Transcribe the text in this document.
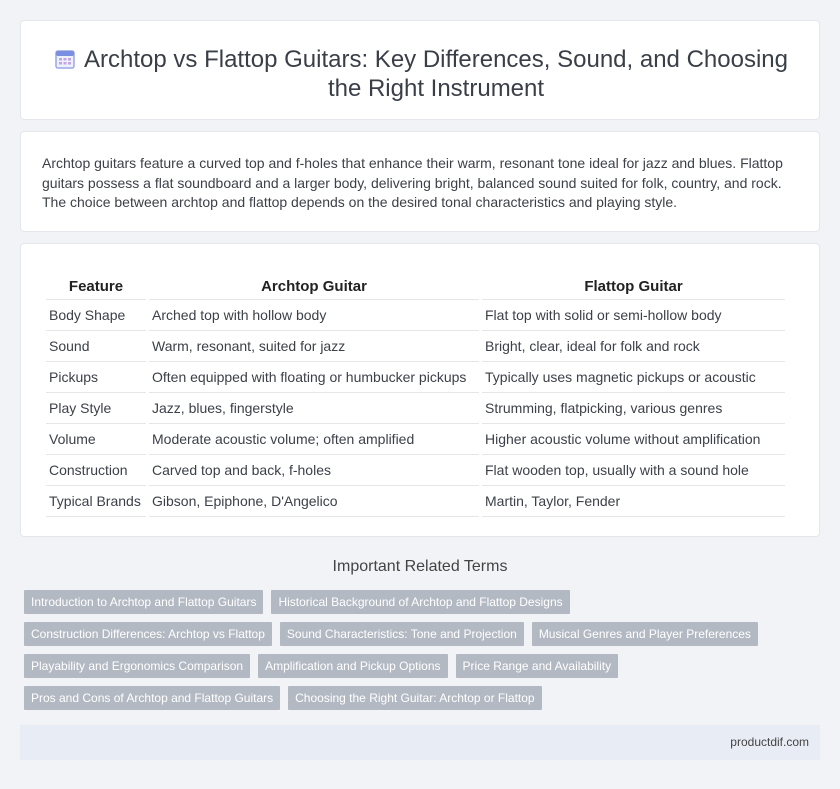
Archtop vs Flattop Guitars: Key Differences, Sound, and Choosing the Right Instrument

Archtop guitars feature a curved top and f-holes that enhance their warm, resonant tone ideal for jazz and blues. Flattop guitars possess a flat soundboard and a larger body, delivering bright, balanced sound suited for folk, country, and rock. The choice between archtop and flattop depends on the desired tonal characteristics and playing style.

Feature	Archtop Guitar	Flattop Guitar
Body Shape	Arched top with hollow body	Flat top with solid or semi-hollow body
Sound	Warm, resonant, suited for jazz	Bright, clear, ideal for folk and rock
Pickups	Often equipped with floating or humbucker pickups	Typically uses magnetic pickups or acoustic
Play Style	Jazz, blues, fingerstyle	Strumming, flatpicking, various genres
Volume	Moderate acoustic volume; often amplified	Higher acoustic volume without amplification
Construction	Carved top and back, f-holes	Flat wooden top, usually with a sound hole
Typical Brands	Gibson, Epiphone, D'Angelico	Martin, Taylor, Fender
Important Related Terms
Introduction to Archtop and Flattop Guitars	Historical Background of Archtop and Flattop Designs
Construction Differences: Archtop vs Flattop	Sound Characteristics: Tone and Projection	Musical Genres and Player Preferences
Playability and Ergonomics Comparison	Amplification and Pickup Options	Price Range and Availability
Pros and Cons of Archtop and Flattop Guitars	Choosing the Right Guitar: Archtop or Flattop
productdif.com
